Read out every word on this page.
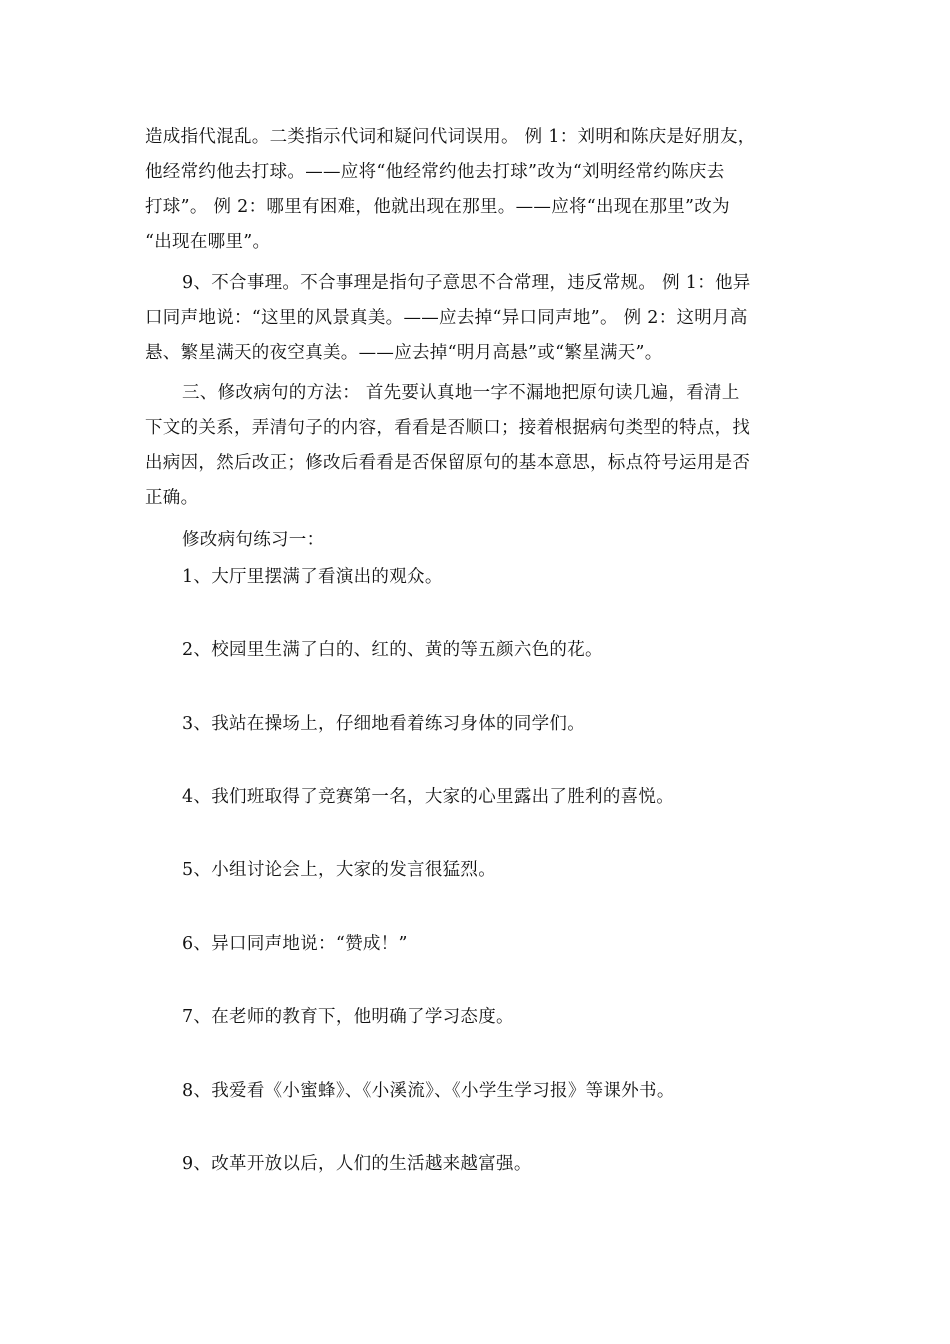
造成指代混乱。二类指示代词和疑问代词误用。 例 1：刘明和陈庆是好朋友，
他经常约他去打球。——应将“他经常约他去打球”改为“刘明经常约陈庆去
打球”。 例 2：哪里有困难，他就出现在那里。——应将“出现在那里”改为
“出现在哪里”。
9、不合事理。不合事理是指句子意思不合常理，违反常规。 例 1：他异
口同声地说：“这里的风景真美。——应去掉“异口同声地”。 例 2：这明月高
悬、繁星满天的夜空真美。——应去掉“明月高悬”或“繁星满天”。
三、修改病句的方法： 首先要认真地一字不漏地把原句读几遍，看清上
下文的关系，弄清句子的内容，看看是否顺口；接着根据病句类型的特点，找
出病因，然后改正；修改后看看是否保留原句的基本意思，标点符号运用是否
正确。
修改病句练习一：
1、大厅里摆满了看演出的观众。
2、校园里生满了白的、红的、黄的等五颜六色的花。
3、我站在操场上，仔细地看着练习身体的同学们。
4、我们班取得了竞赛第一名，大家的心里露出了胜利的喜悦。
5、小组讨论会上，大家的发言很猛烈。
6、异口同声地说：“赞成！”
7、在老师的教育下，他明确了学习态度。
8、我爱看《小蜜蜂》、《小溪流》、《小学生学习报》等课外书。
9、改革开放以后，人们的生活越来越富强。
